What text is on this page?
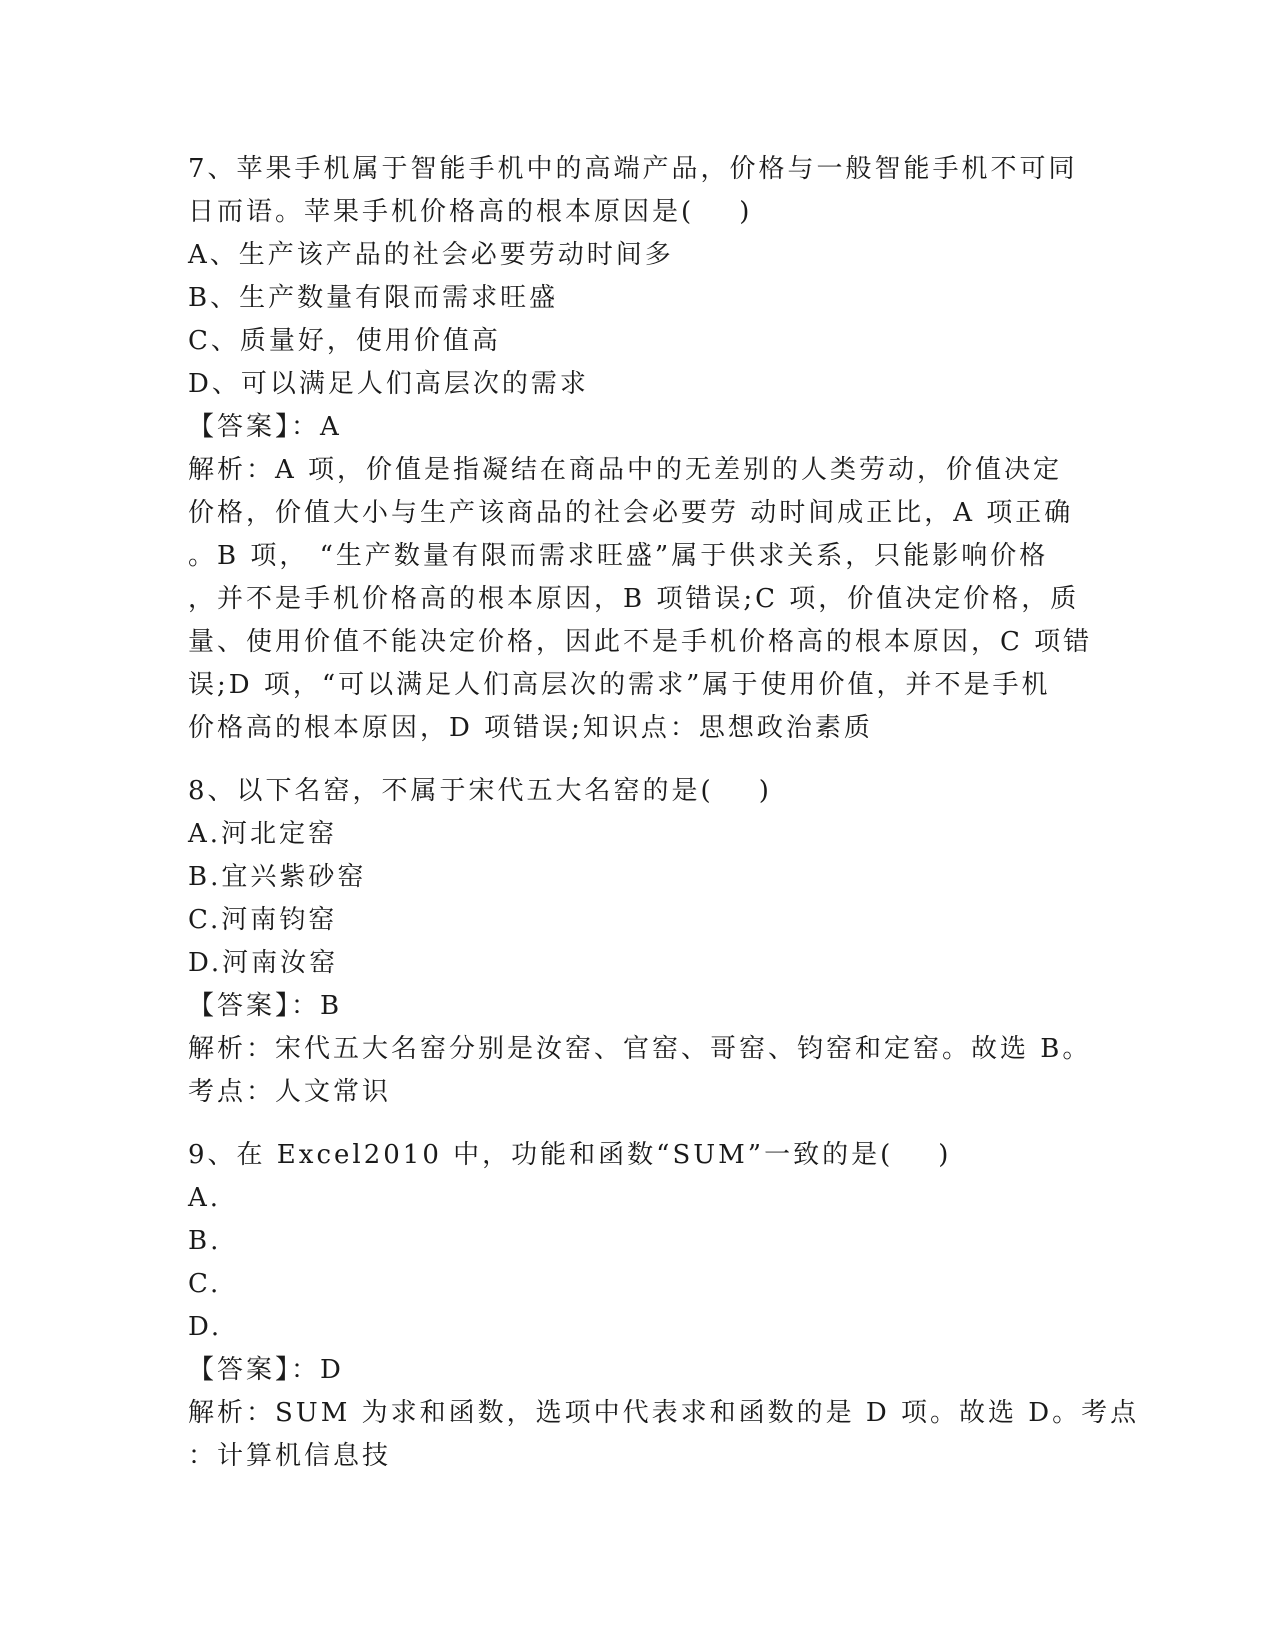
7、苹果手机属于智能手机中的高端产品，价格与一般智能手机不可同

日而语。苹果手机价格高的根本原因是(    )

A、生产该产品的社会必要劳动时间多

B、生产数量有限而需求旺盛

C、质量好，使用价值高

D、可以满足人们高层次的需求

【答案】：A

解析：A 项，价值是指凝结在商品中的无差别的人类劳动，价值决定

价格，价值大小与生产该商品的社会必要劳 动时间成正比，A 项正确

。B 项， “生产数量有限而需求旺盛”属于供求关系，只能影响价格

，并不是手机价格高的根本原因，B 项错误;C 项，价值决定价格，质

量、使用价值不能决定价格，因此不是手机价格高的根本原因，C 项错

误;D 项，“可以满足人们高层次的需求”属于使用价值，并不是手机

价格高的根本原因，D 项错误;知识点：思想政治素质

8、以下名窑，不属于宋代五大名窑的是(    )

A.河北定窑

B.宜兴紫砂窑

C.河南钧窑

D.河南汝窑

【答案】：B

解析：宋代五大名窑分别是汝窑、官窑、哥窑、钧窑和定窑。故选 B。

考点：人文常识

9、在 Excel2010 中，功能和函数“SUM”一致的是(    )

A.

B.

C.

D.

【答案】：D

解析：SUM 为求和函数，选项中代表求和函数的是 D 项。故选 D。考点

：计算机信息技
